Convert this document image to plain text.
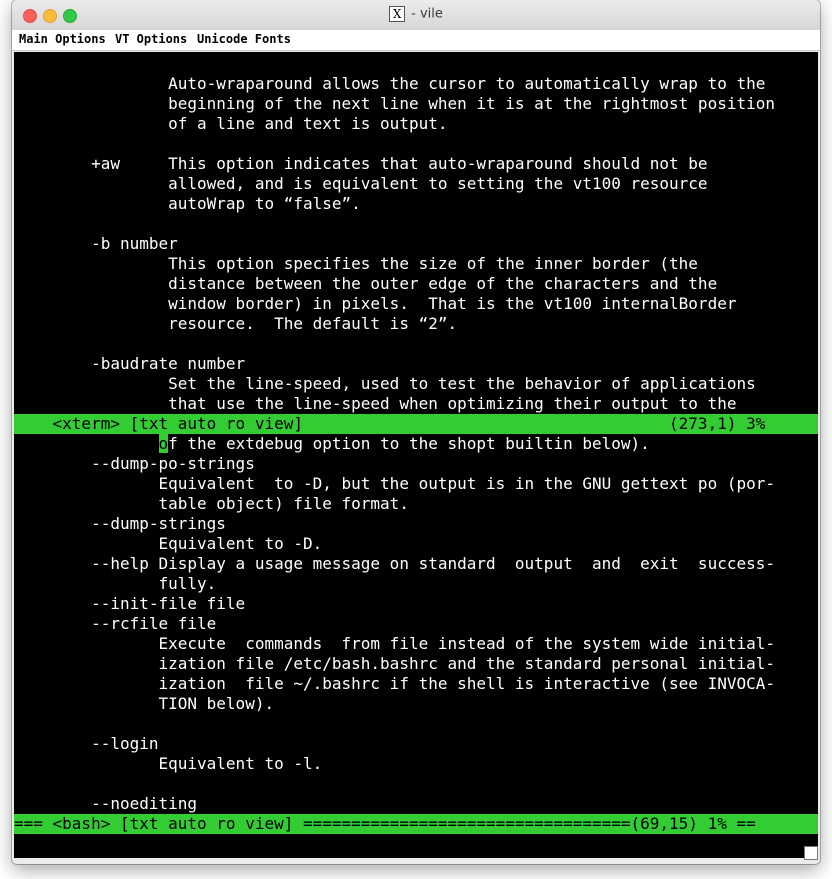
X - vile
Main Options VT Options Unicode Fonts
Auto-wraparound allows the cursor to automatically wrap to the
beginning of the next line when it is at the rightmost position
of a line and text is output.
+aw     This option indicates that auto-wraparound should not be
allowed, and is equivalent to setting the vt100 resource
autoWrap to “false”.
-b number
This option specifies the size of the inner border (the
distance between the outer edge of the characters and the
window border) in pixels.  That is the vt100 internalBorder
resource.  The default is “2”.
-baudrate number
Set the line-speed, used to test the behavior of applications
that use the line-speed when optimizing their output to the
<xterm> [txt auto ro view]                                      (273,1) 3%
of the extdebug option to the shopt builtin below).
--dump-po-strings
Equivalent  to -D, but the output is in the GNU gettext po (por-
table object) file format.
--dump-strings
Equivalent to -D.
--help Display a usage message on standard  output  and  exit  success-
fully.
--init-file file
--rcfile file
Execute  commands  from file instead of the system wide initial-
ization file /etc/bash.bashrc and the standard personal initial-
ization  file ~/.bashrc if the shell is interactive (see INVOCA-
TION below).
--login
Equivalent to -l.
--noediting
=== <bash> [txt auto ro view] ==================================(69,15) 1% ==
